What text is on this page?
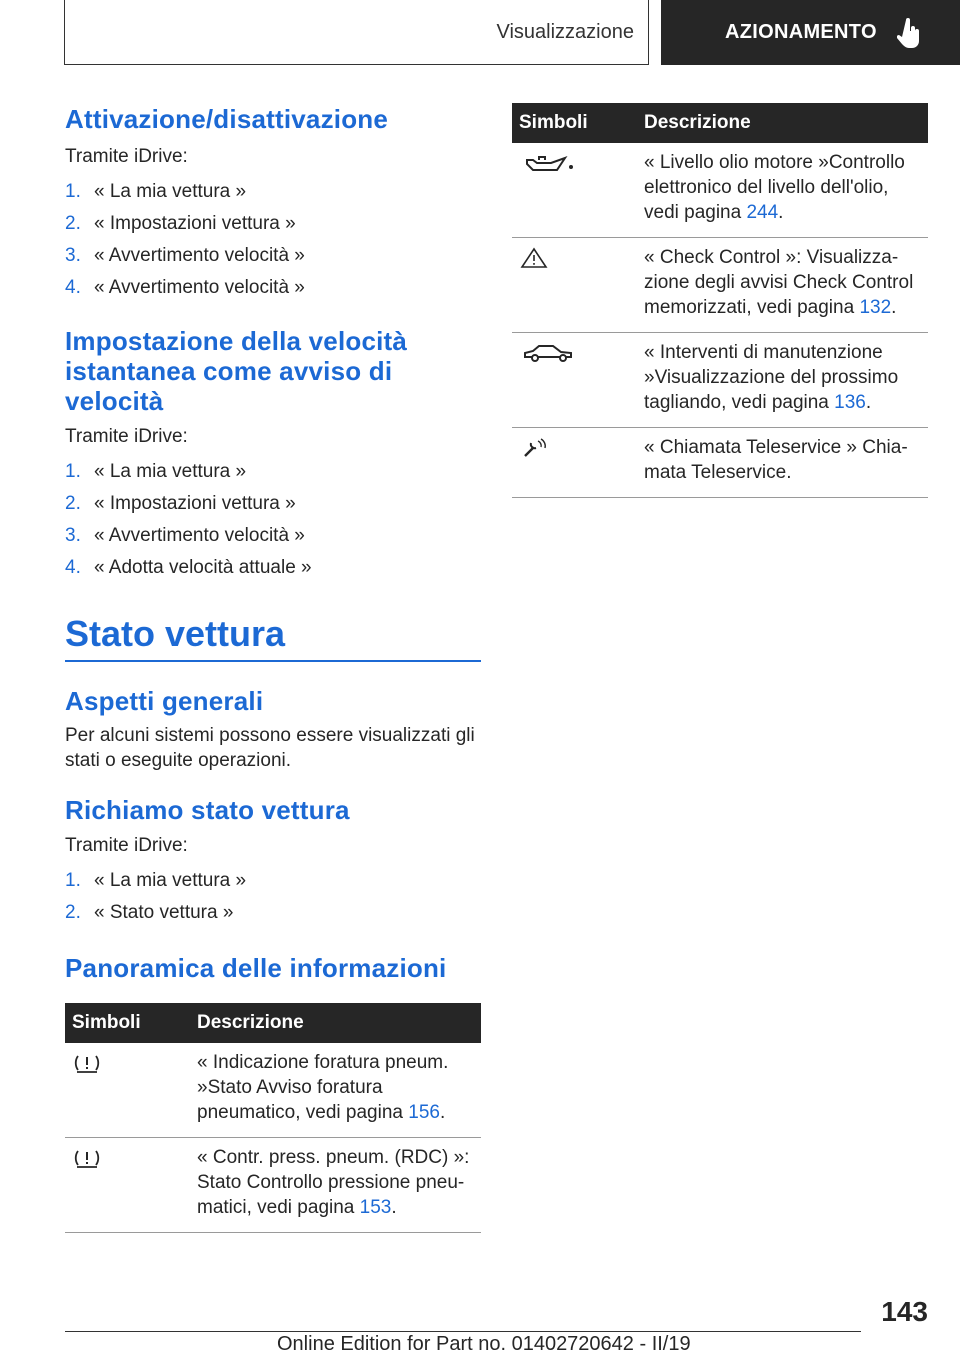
Visualizzazione	AZIONAMENTO
Attivazione/disattivazione

Tramite iDrive:

1. « La mia vettura »
2. « Impostazioni vettura »
3. « Avvertimento velocità »
4. « Avvertimento velocità »
Impostazione della velocità
istantanea come avviso di
velocità

Tramite iDrive:

1. « La mia vettura »
2. « Impostazioni vettura »
3. « Avvertimento velocità »
4. « Adotta velocità attuale »
Stato vettura
Aspetti generali

Per alcuni sistemi possono essere visualizzati gli stati o eseguite operazioni.

Richiamo stato vettura

Tramite iDrive:

1. « La mia vettura »
2. « Stato vettura »
Panoramica delle informazioni
Simboli	Descrizione

	« Indicazione foratura pneum. »Stato Avviso foratura pneumatico, vedi pagina 156.

	« Contr. press. pneum. (RDC) »: Stato Controllo pressione pneumatici, vedi pagina 153.
Simboli	Descrizione

	« Livello olio motore »Controllo elettronico del livello dell'olio, vedi pagina 244.

	« Check Control »: Visualizzazione degli avvisi Check Control memorizzati, vedi pagina 132.

	« Interventi di manutenzione »Visualizzazione del prossimo tagliando, vedi pagina 136.

	« Chiamata Teleservice » Chiamata Teleservice.
143
Online Edition for Part no. 01402720642 - II/19
